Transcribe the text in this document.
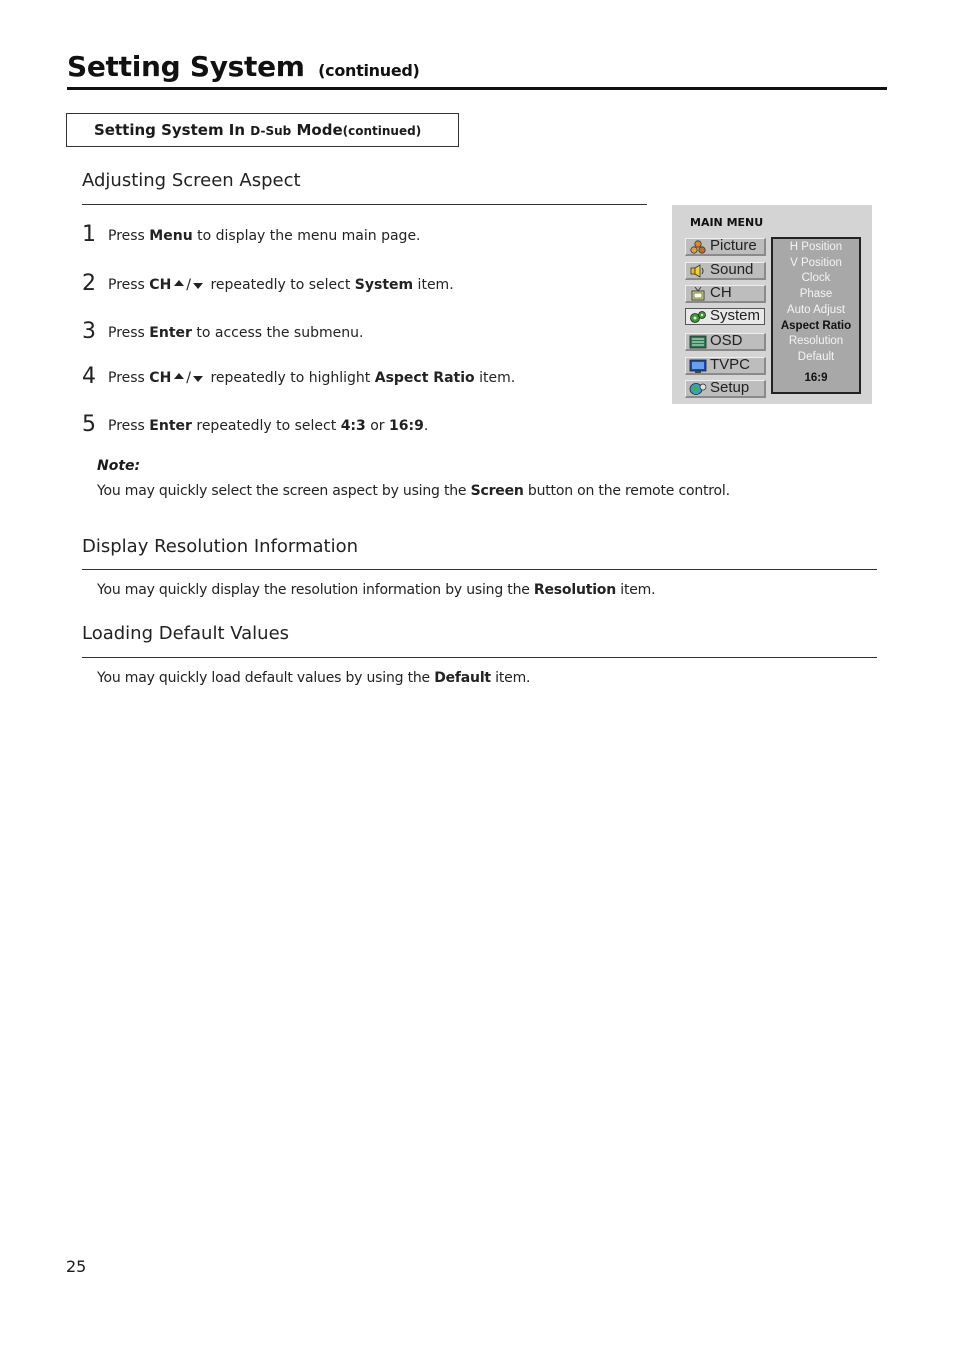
Setting System (continued)
Setting System In D-Sub Mode(continued)
Adjusting Screen Aspect
1 Press Menu to display the menu main page.
2 Press CH / repeatedly to select System item.
3 Press Enter to access the submenu.
4 Press CH / repeatedly to highlight Aspect Ratio item.
5 Press Enter repeatedly to select 4:3 or 16:9.
Note:
You may quickly select the screen aspect by using the Screen button on the remote control.
Display Resolution Information
You may quickly display the resolution information by using the Resolution item.
Loading Default Values
You may quickly load default values by using the Default item.
MAIN MENU
Picture
Sound
CH
System
OSD
TVPC
Setup
H Position
V Position
Clock
Phase
Auto Adjust
Aspect Ratio
Resolution
Default
16:9
25
